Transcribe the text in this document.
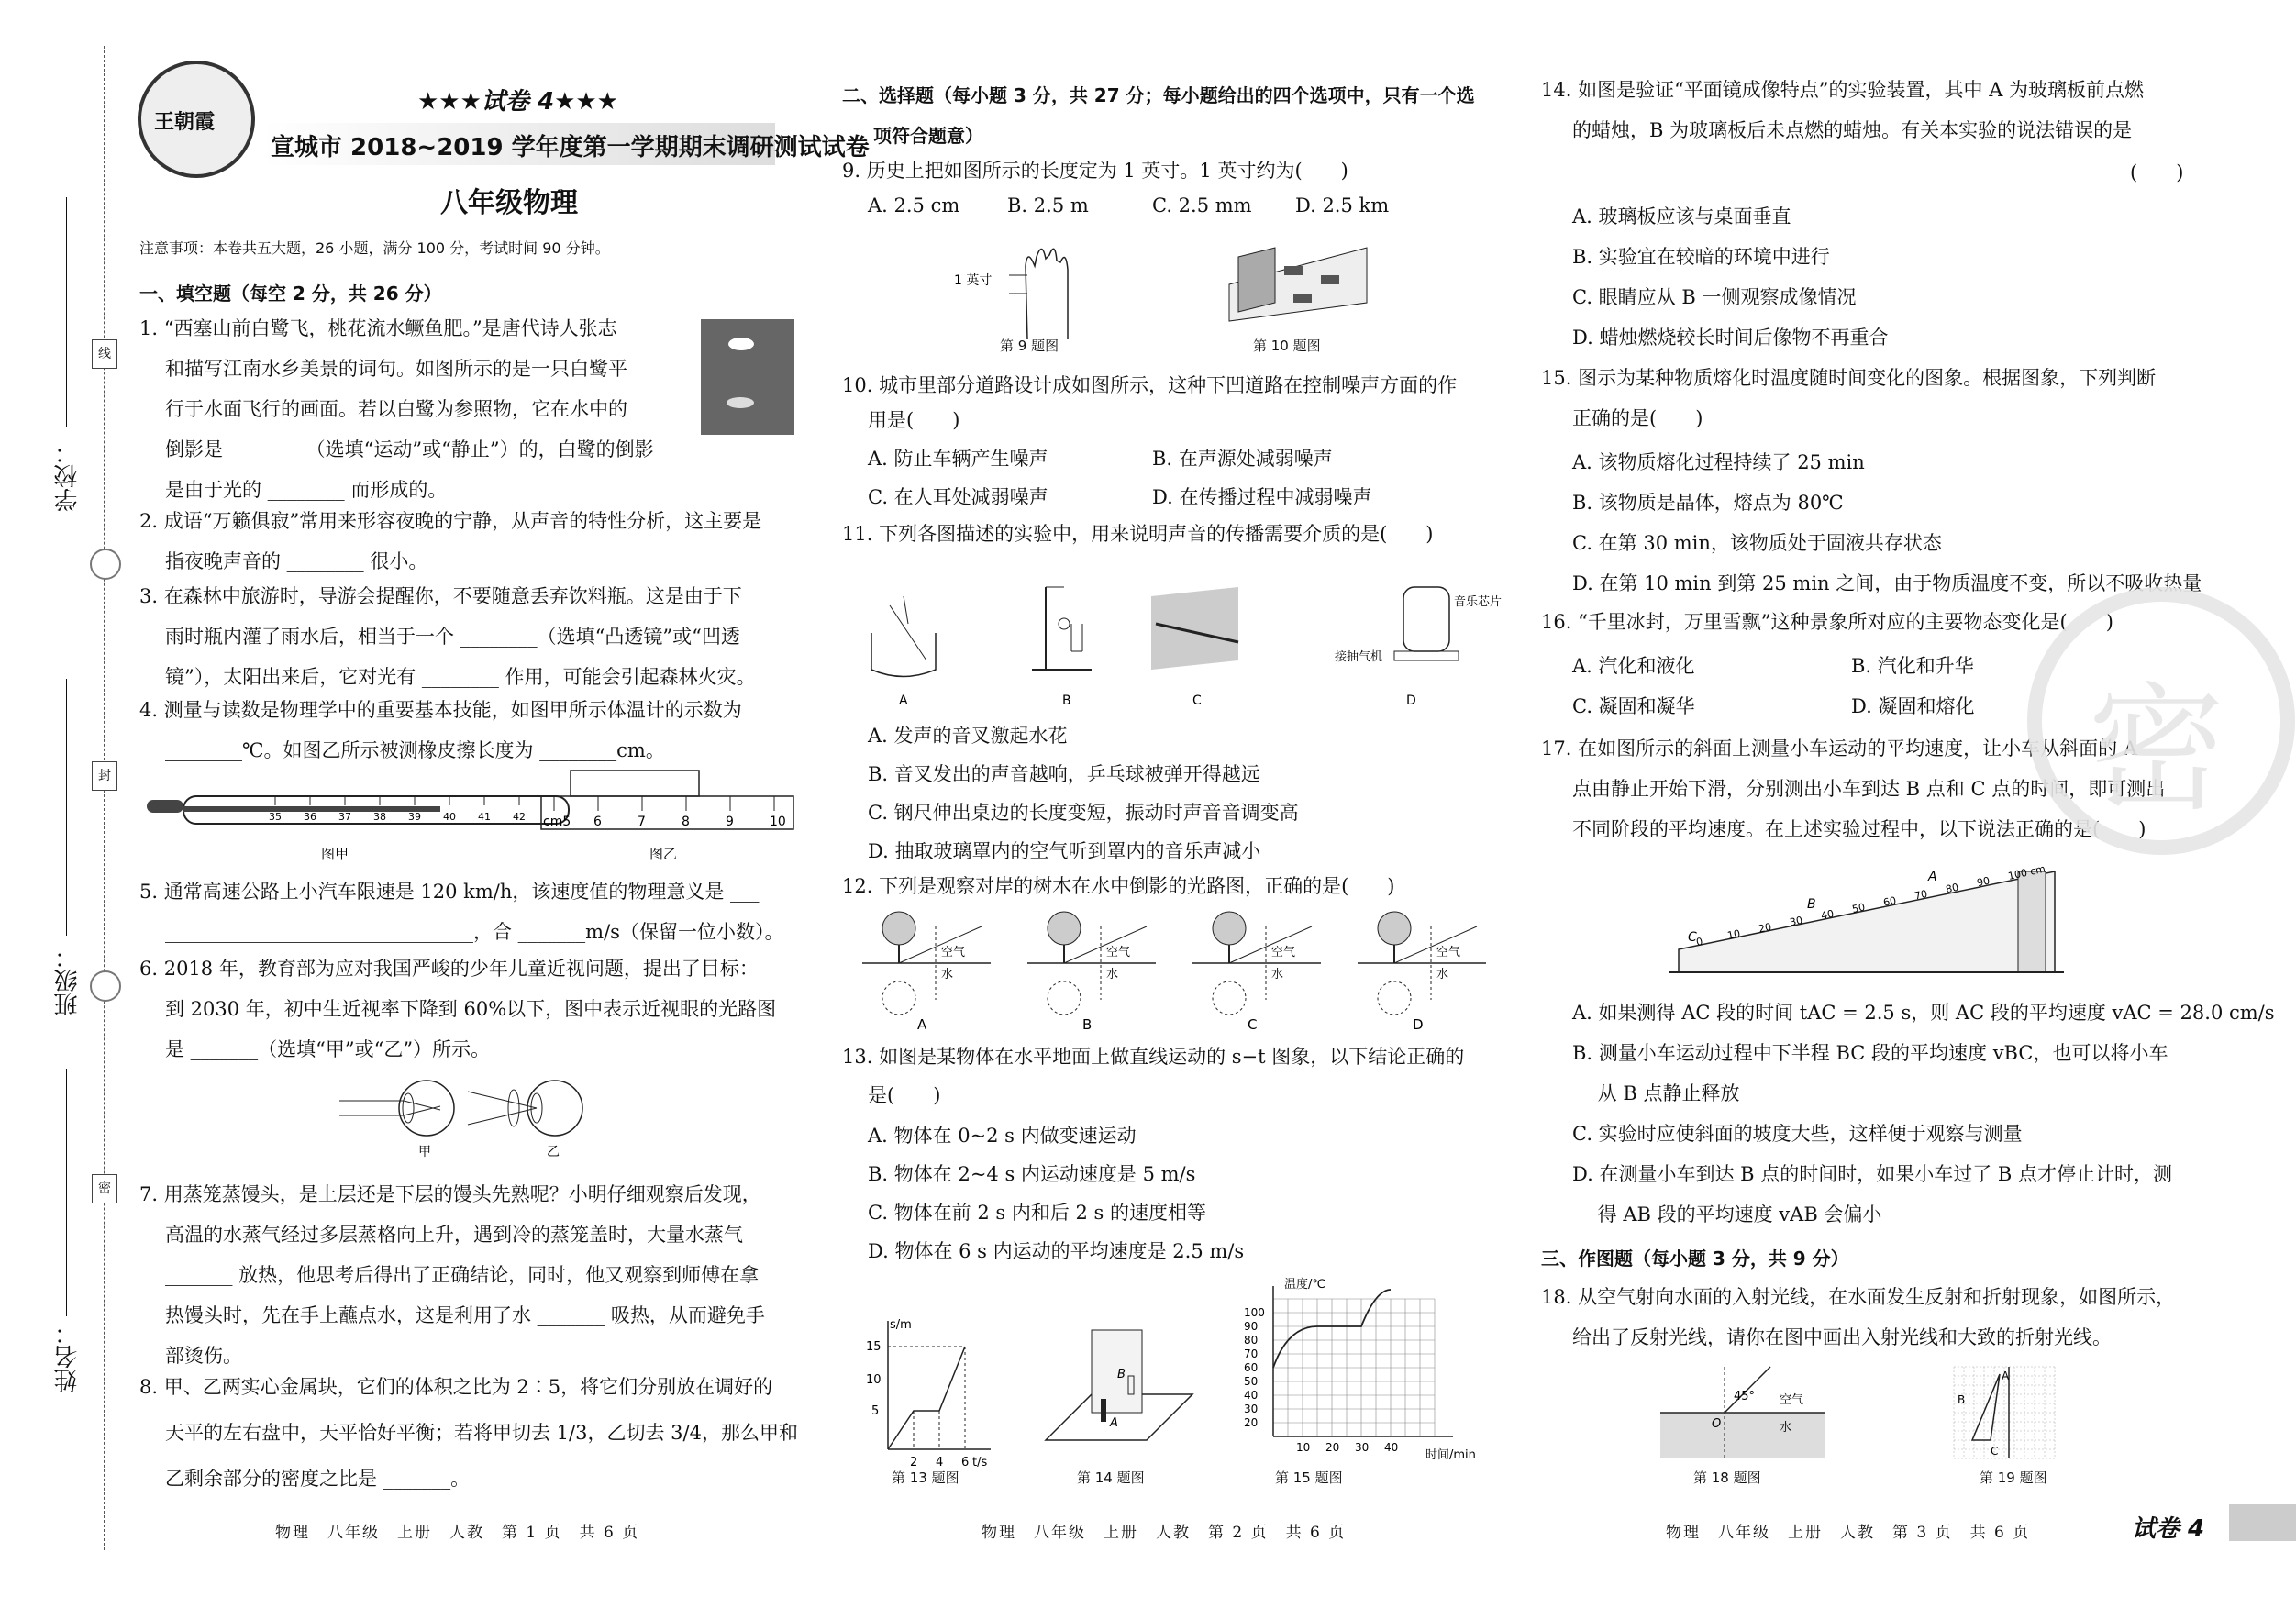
学校：
班级：
姓名：
线
封
密
王朝霞
★★★试卷 4★★★
宣城市 2018~2019 学年度第一学期期末调研测试试卷
八年级物理
注意事项：本卷共五大题，26 小题，满分 100 分，考试时间 90 分钟。
一、填空题（每空 2 分，共 26 分）
1. “西塞山前白鹭飞，桃花流水鳜鱼肥。”是唐代诗人张志
和描写江南水乡美景的词句。如图所示的是一只白鹭平
行于水面飞行的画面。若以白鹭为参照物，它在水中的
倒影是 ________（选填“运动”或“静止”）的，白鹭的倒影
是由于光的 ________ 而形成的。
2. 成语“万籁俱寂”常用来形容夜晚的宁静，从声音的特性分析，这主要是
指夜晚声音的 ________ 很小。
3. 在森林中旅游时，导游会提醒你，不要随意丢弃饮料瓶。这是由于下
雨时瓶内灌了雨水后，相当于一个 ________（选填“凸透镜”或“凹透
镜”），太阳出来后，它对光有 ________ 作用，可能会引起森林火灾。
4. 测量与读数是物理学中的重要基本技能，如图甲所示体温计的示数为
________℃。如图乙所示被测橡皮擦长度为 ________cm。
35 36 37 38 39 40 41 42
图甲
cm5 6	7	8	9	10
图乙
5. 通常高速公路上小汽车限速是 120 km/h，该速度值的物理意义是 ___
________________________________，合 _______m/s（保留一位小数）。
6. 2018 年，教育部为应对我国严峻的少年儿童近视问题，提出了目标：
到 2030 年，初中生近视率下降到 60%以下，图中表示近视眼的光路图
是 _______（选填“甲”或“乙”）所示。
甲	乙
7. 用蒸笼蒸馒头，是上层还是下层的馒头先熟呢？小明仔细观察后发现，
高温的水蒸气经过多层蒸格向上升，遇到冷的蒸笼盖时，大量水蒸气
_______ 放热，他思考后得出了正确结论，同时，他又观察到师傅在拿
热馒头时，先在手上蘸点水，这是利用了水 _______ 吸热，从而避免手
部烫伤。
8. 甲、乙两实心金属块，它们的体积之比为 2∶5，将它们分别放在调好的
天平的左右盘中，天平恰好平衡；若将甲切去 1/3，乙切去 3/4，那么甲和
乙剩余部分的密度之比是 _______。
物理　八年级　上册　人教　第 1 页　共 6 页
二、选择题（每小题 3 分，共 27 分；每小题给出的四个选项中，只有一个选
项符合题意）
9. 历史上把如图所示的长度定为 1 英寸。1 英寸约为(　　)
A. 2.5 cm B. 2.5 m	C. 2.5 mm D. 2.5 km
1 英寸
第 9 题图	第 10 题图
10. 城市里部分道路设计成如图所示，这种下凹道路在控制噪声方面的作
用是(　　)
A. 防止车辆产生噪声	B. 在声源处减弱噪声
C. 在人耳处减弱噪声	D. 在传播过程中减弱噪声
11. 下列各图描述的实验中，用来说明声音的传播需要介质的是(　　)
A	B	C
音乐芯片
接抽气机
D
A. 发声的音叉激起水花
B. 音叉发出的声音越响，乒乓球被弹开得越远
C. 钢尺伸出桌边的长度变短，振动时声音音调变高
D. 抽取玻璃罩内的空气听到罩内的音乐声减小
12. 下列是观察对岸的树木在水中倒影的光路图，正确的是(　　)
空气
水
A
空气
水
B
空气
水
C
空气
水
D
13. 如图是某物体在水平地面上做直线运动的 s−t 图象，以下结论正确的
是(　　)
A. 物体在 0~2 s 内做变速运动
B. 物体在 2~4 s 内运动速度是 5 m/s
C. 物体在前 2 s 内和后 2 s 的速度相等
D. 物体在 6 s 内运动的平均速度是 2.5 m/s
s/m
t/s
15
10
5
2 4 6
第 13 题图
A
B
第 14 题图
100
90
80
70
60
50
40
30
20
10 20 30 40
温度/℃
时间/min
第 15 题图
物理　八年级　上册　人教　第 2 页　共 6 页
14. 如图是验证“平面镜成像特点”的实验装置，其中 A 为玻璃板前点燃
的蜡烛，B 为玻璃板后未点燃的蜡烛。有关本实验的说法错误的是
(　　)
A. 玻璃板应该与桌面垂直
B. 实验宜在较暗的环境中进行
C. 眼睛应从 B 一侧观察成像情况
D. 蜡烛燃烧较长时间后像物不再重合
15. 图示为某种物质熔化时温度随时间变化的图象。根据图象，下列判断
正确的是(　　)
A. 该物质熔化过程持续了 25 min
B. 该物质是晶体，熔点为 80℃
C. 在第 30 min，该物质处于固液共存状态
D. 在第 10 min 到第 25 min 之间，由于物质温度不变，所以不吸收热量
16. “千里冰封，万里雪飘”这种景象所对应的主要物态变化是(　　)
A. 汽化和液化	B. 汽化和升华
C. 凝固和凝华	D. 凝固和熔化
17. 在如图所示的斜面上测量小车运动的平均速度，让小车从斜面的 A
点由静止开始下滑，分别测出小车到达 B 点和 C 点的时间，即可测出
不同阶段的平均速度。在上述实验过程中，以下说法正确的是(　　)
0
10 20 30 40 50 60 70 80 90 100 cm
A
B
C
A. 如果测得 AC 段的时间 tAC = 2.5 s，则 AC 段的平均速度 vAC = 28.0 cm/s
B. 测量小车运动过程中下半程 BC 段的平均速度 vBC，也可以将小车
　 从 B 点静止释放
C. 实验时应使斜面的坡度大些，这样便于观察与测量
D. 在测量小车到达 B 点的时间时，如果小车过了 B 点才停止计时，测
　 得 AB 段的平均速度 vAB 会偏小
三、作图题（每小题 3 分，共 9 分）
18. 从空气射向水面的入射光线，在水面发生反射和折射现象，如图所示，
给出了反射光线，请你在图中画出入射光线和大致的折射光线。
O
45° 空气
水
第 18 题图
A
B
C
第 19 题图
物理　八年级　上册　人教　第 3 页　共 6 页	试卷 4
密
